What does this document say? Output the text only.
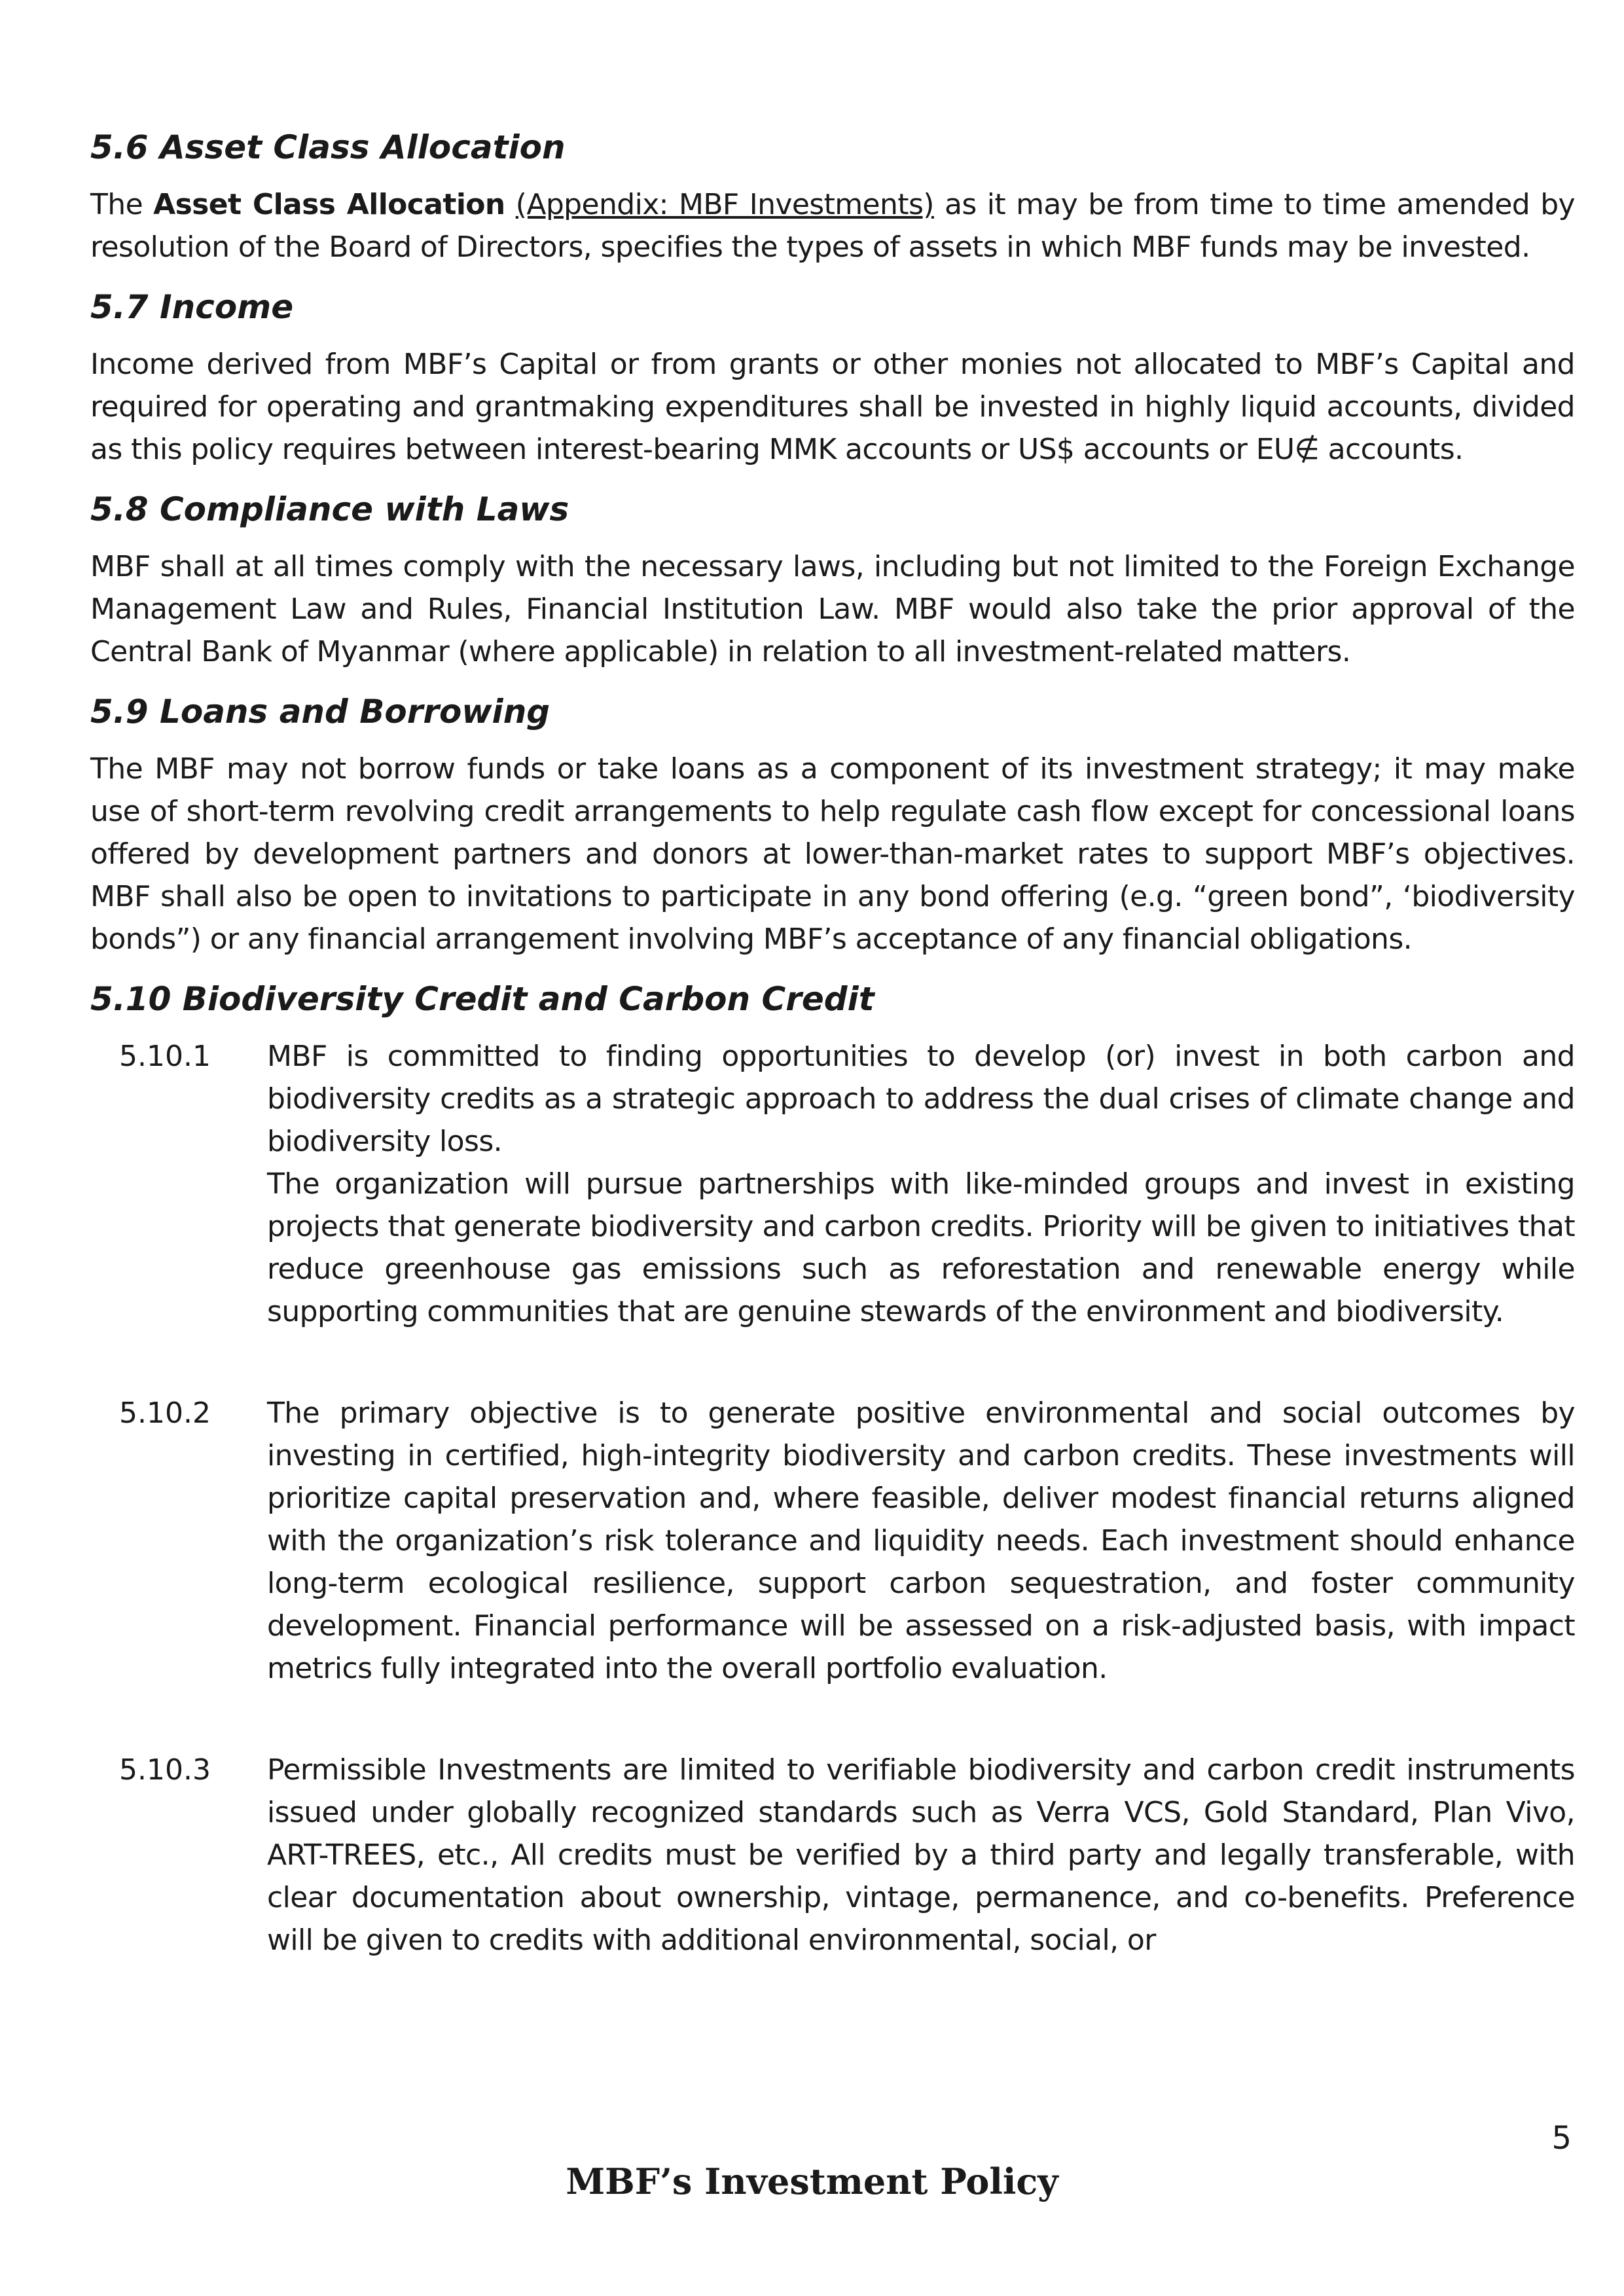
5.6 Asset Class Allocation

The Asset Class Allocation (Appendix: MBF Investments) as it may be from time to time amended by resolution of the Board of Directors, specifies the types of assets in which MBF funds may be invested.

5.7 Income

Income derived from MBF’s Capital or from grants or other monies not allocated to MBF’s Capital and required for operating and grantmaking expenditures shall be invested in highly liquid accounts, divided as this policy requires between interest-bearing MMK accounts or US$ accounts or EU∉ accounts.

5.8 Compliance with Laws

MBF shall at all times comply with the necessary laws, including but not limited to the Foreign Exchange Management Law and Rules, Financial Institution Law. MBF would also take the prior approval of the Central Bank of Myanmar (where applicable) in relation to all investment-related matters.

5.9 Loans and Borrowing

The MBF may not borrow funds or take loans as a component of its investment strategy; it may make use of short-term revolving credit arrangements to help regulate cash flow except for concessional loans offered by development partners and donors at lower-than-market rates to support MBF’s objectives. MBF shall also be open to invitations to participate in any bond offering (e.g. “green bond”, ‘biodiversity bonds”) or any financial arrangement involving MBF’s acceptance of any financial obligations.

5.10 Biodiversity Credit and Carbon Credit
5.10.1	MBF is committed to finding opportunities to develop (or) invest in both carbon and biodiversity credits as a strategic approach to address the dual crises of climate change and biodiversity loss.

The organization will pursue partnerships with like-minded groups and invest in existing projects that generate biodiversity and carbon credits. Priority will be given to initiatives that reduce greenhouse gas emissions such as reforestation and renewable energy while supporting communities that are genuine stewards of the environment and biodiversity.

5.10.2	The primary objective is to generate positive environmental and social outcomes by investing in certified, high-integrity biodiversity and carbon credits. These investments will prioritize capital preservation and, where feasible, deliver modest financial returns aligned with the organization’s risk tolerance and liquidity needs. Each investment should enhance long-term ecological resilience, support carbon sequestration, and foster community development. Financial performance will be assessed on a risk-adjusted basis, with impact metrics fully integrated into the overall portfolio evaluation.

5.10.3	Permissible Investments are limited to verifiable biodiversity and carbon credit instruments issued under globally recognized standards such as Verra VCS, Gold Standard, Plan Vivo, ART-TREES, etc., All credits must be verified by a third party and legally transferable, with clear documentation about ownership, vintage, permanence, and co-benefits. Preference will be given to credits with additional environmental, social, or

5
MBF’s Investment Policy
